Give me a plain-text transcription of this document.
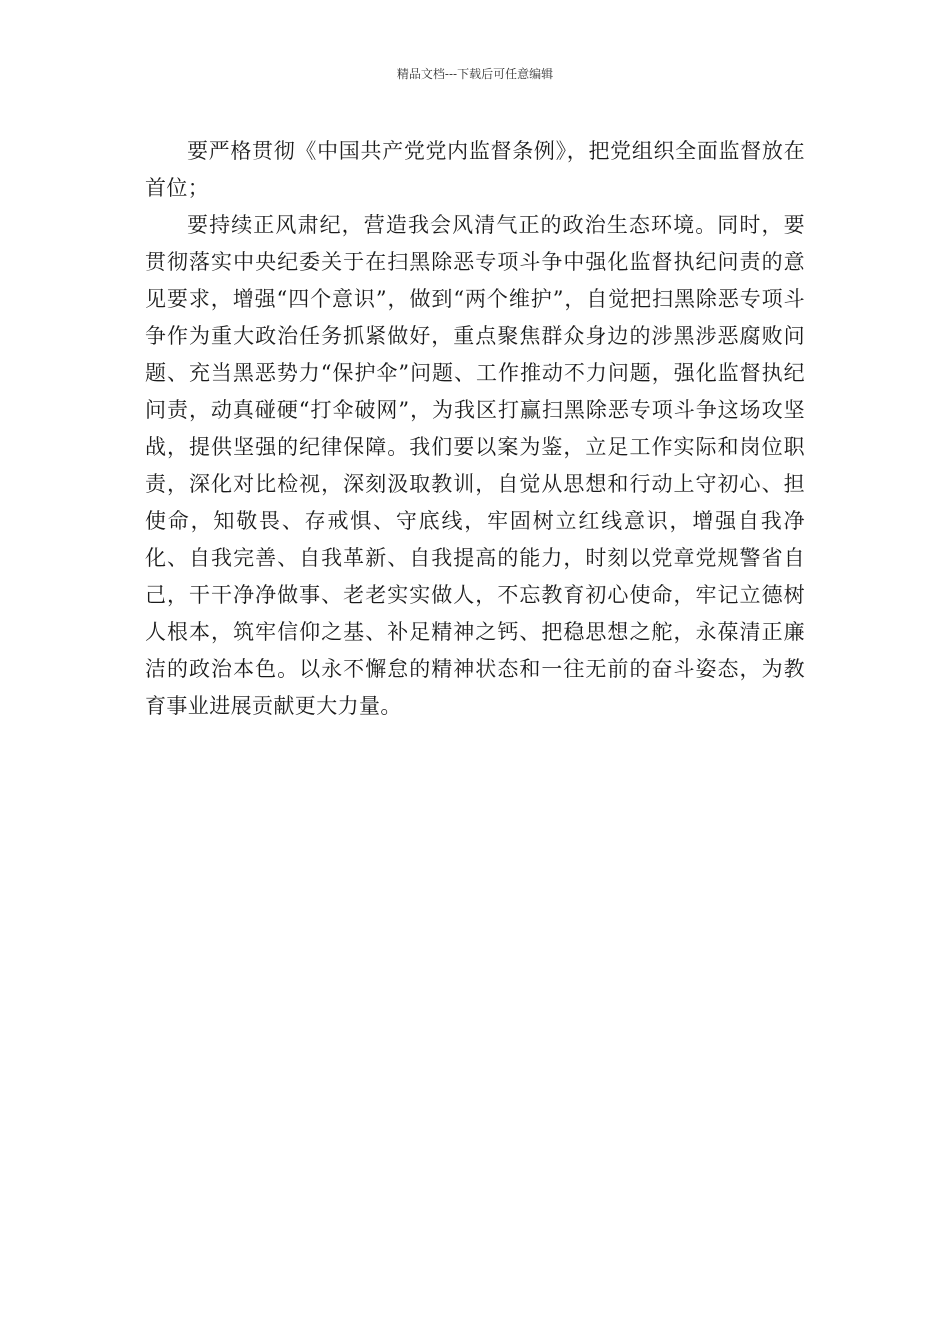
精品文档---下载后可任意编辑

要严格贯彻《中国共产党党内监督条例》，把党组织全面监督放在首位；

要持续正风肃纪，营造我会风清气正的政治生态环境。同时，要贯彻落实中央纪委关于在扫黑除恶专项斗争中强化监督执纪问责的意见要求，增强“四个意识”，做到“两个维护”，自觉把扫黑除恶专项斗争作为重大政治任务抓紧做好，重点聚焦群众身边的涉黑涉恶腐败问题、充当黑恶势力“保护伞”问题、工作推动不力问题，强化监督执纪问责，动真碰硬“打伞破网”，为我区打赢扫黑除恶专项斗争这场攻坚战，提供坚强的纪律保障。我们要以案为鉴，立足工作实际和岗位职责，深化对比检视，深刻汲取教训，自觉从思想和行动上守初心、担使命，知敬畏、存戒惧、守底线，牢固树立红线意识，增强自我净化、自我完善、自我革新、自我提高的能力，时刻以党章党规警省自己，干干净净做事、老老实实做人，不忘教育初心使命，牢记立德树人根本，筑牢信仰之基、补足精神之钙、把稳思想之舵，永葆清正廉洁的政治本色。以永不懈怠的精神状态和一往无前的奋斗姿态，为教育事业进展贡献更大力量。
